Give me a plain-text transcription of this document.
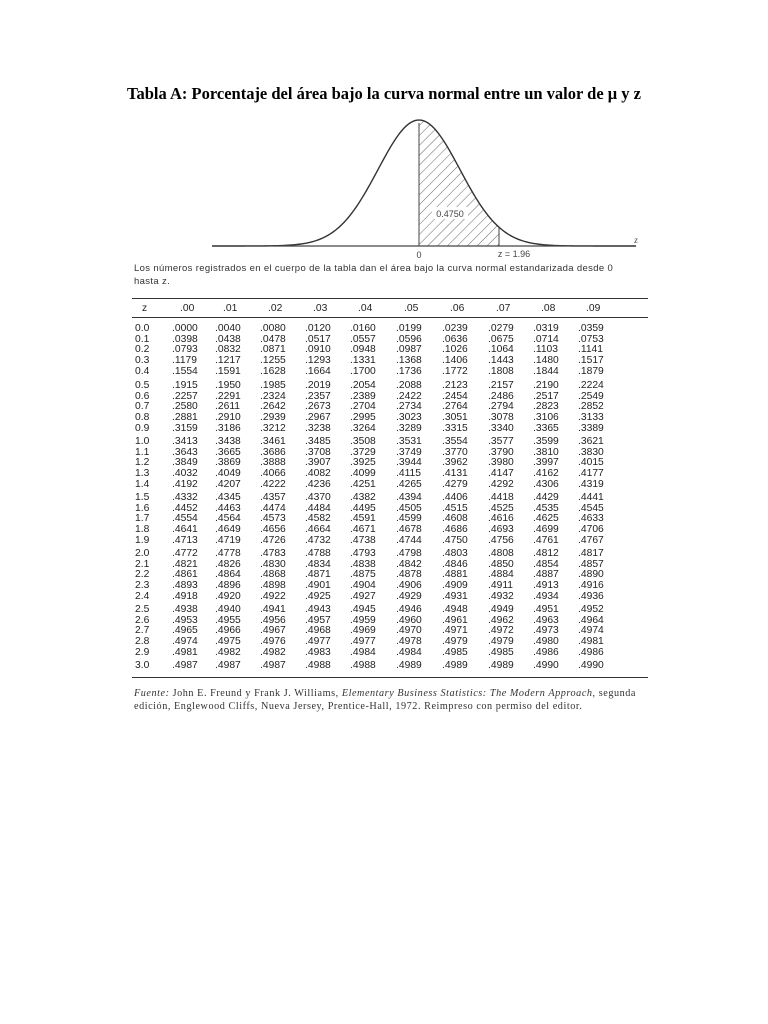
Tabla A: Porcentaje del área bajo la curva normal entre un valor de μ y z
0.4750
0	z = 1.96
z
Los números registrados en el cuerpo de la tabla dan el área bajo la curva normal estandarizada desde 0 hasta z.
z	.00	.01	.02	.03	.04	.05	.06	.07	.08	.09
0.0 .0000 .0040 .0080 .0120 .0160 .0199 .0239 .0279 .0319 .0359
0.1 .0398 .0438 .0478 .0517 .0557 .0596 .0636 .0675 .0714 .0753
0.2 .0793 .0832 .0871 .0910 .0948 .0987 .1026 .1064 .1103 .1141
0.3 .1179 .1217 .1255 .1293 .1331 .1368 .1406 .1443 .1480 .1517
0.4 .1554 .1591 .1628 .1664 .1700 .1736 .1772 .1808 .1844 .1879
0.5 .1915 .1950 .1985 .2019 .2054 .2088 .2123 .2157 .2190 .2224
0.6 .2257 .2291 .2324 .2357 .2389 .2422 .2454 .2486 .2517 .2549
0.7 .2580 .2611 .2642 .2673 .2704 .2734 .2764 .2794 .2823 .2852
0.8 .2881 .2910 .2939 .2967 .2995 .3023 .3051 .3078 .3106 .3133
0.9 .3159 .3186 .3212 .3238 .3264 .3289 .3315 .3340 .3365 .3389
1.0 .3413 .3438 .3461 .3485 .3508 .3531 .3554 .3577 .3599 .3621
1.1 .3643 .3665 .3686 .3708 .3729 .3749 .3770 .3790 .3810 .3830
1.2 .3849 .3869 .3888 .3907 .3925 .3944 .3962 .3980 .3997 .4015
1.3 .4032 .4049 .4066 .4082 .4099 .4115 .4131 .4147 .4162 .4177
1.4 .4192 .4207 .4222 .4236 .4251 .4265 .4279 .4292 .4306 .4319
1.5 .4332 .4345 .4357 .4370 .4382 .4394 .4406 .4418 .4429 .4441
1.6 .4452 .4463 .4474 .4484 .4495 .4505 .4515 .4525 .4535 .4545
1.7 .4554 .4564 .4573 .4582 .4591 .4599 .4608 .4616 .4625 .4633
1.8 .4641 .4649 .4656 .4664 .4671 .4678 .4686 .4693 .4699 .4706
1.9 .4713 .4719 .4726 .4732 .4738 .4744 .4750 .4756 .4761 .4767
2.0 .4772 .4778 .4783 .4788 .4793 .4798 .4803 .4808 .4812 .4817
2.1 .4821 .4826 .4830 .4834 .4838 .4842 .4846 .4850 .4854 .4857
2.2 .4861 .4864 .4868 .4871 .4875 .4878 .4881 .4884 .4887 .4890
2.3 .4893 .4896 .4898 .4901 .4904 .4906 .4909 .4911 .4913 .4916
2.4 .4918 .4920 .4922 .4925 .4927 .4929 .4931 .4932 .4934 .4936
2.5 .4938 .4940 .4941 .4943 .4945 .4946 .4948 .4949 .4951 .4952
2.6 .4953 .4955 .4956 .4957 .4959 .4960 .4961 .4962 .4963 .4964
2.7 .4965 .4966 .4967 .4968 .4969 .4970 .4971 .4972 .4973 .4974
2.8 .4974 .4975 .4976 .4977 .4977 .4978 .4979 .4979 .4980 .4981
2.9 .4981 .4982 .4982 .4983 .4984 .4984 .4985 .4985 .4986 .4986
3.0 .4987 .4987 .4987 .4988 .4988 .4989 .4989 .4989 .4990 .4990
Fuente: John E. Freund y Frank J. Williams, Elementary Business Statistics: The Modern Approach, segunda edición, Englewood Cliffs, Nueva Jersey, Prentice-Hall, 1972. Reimpreso con permiso del editor.
